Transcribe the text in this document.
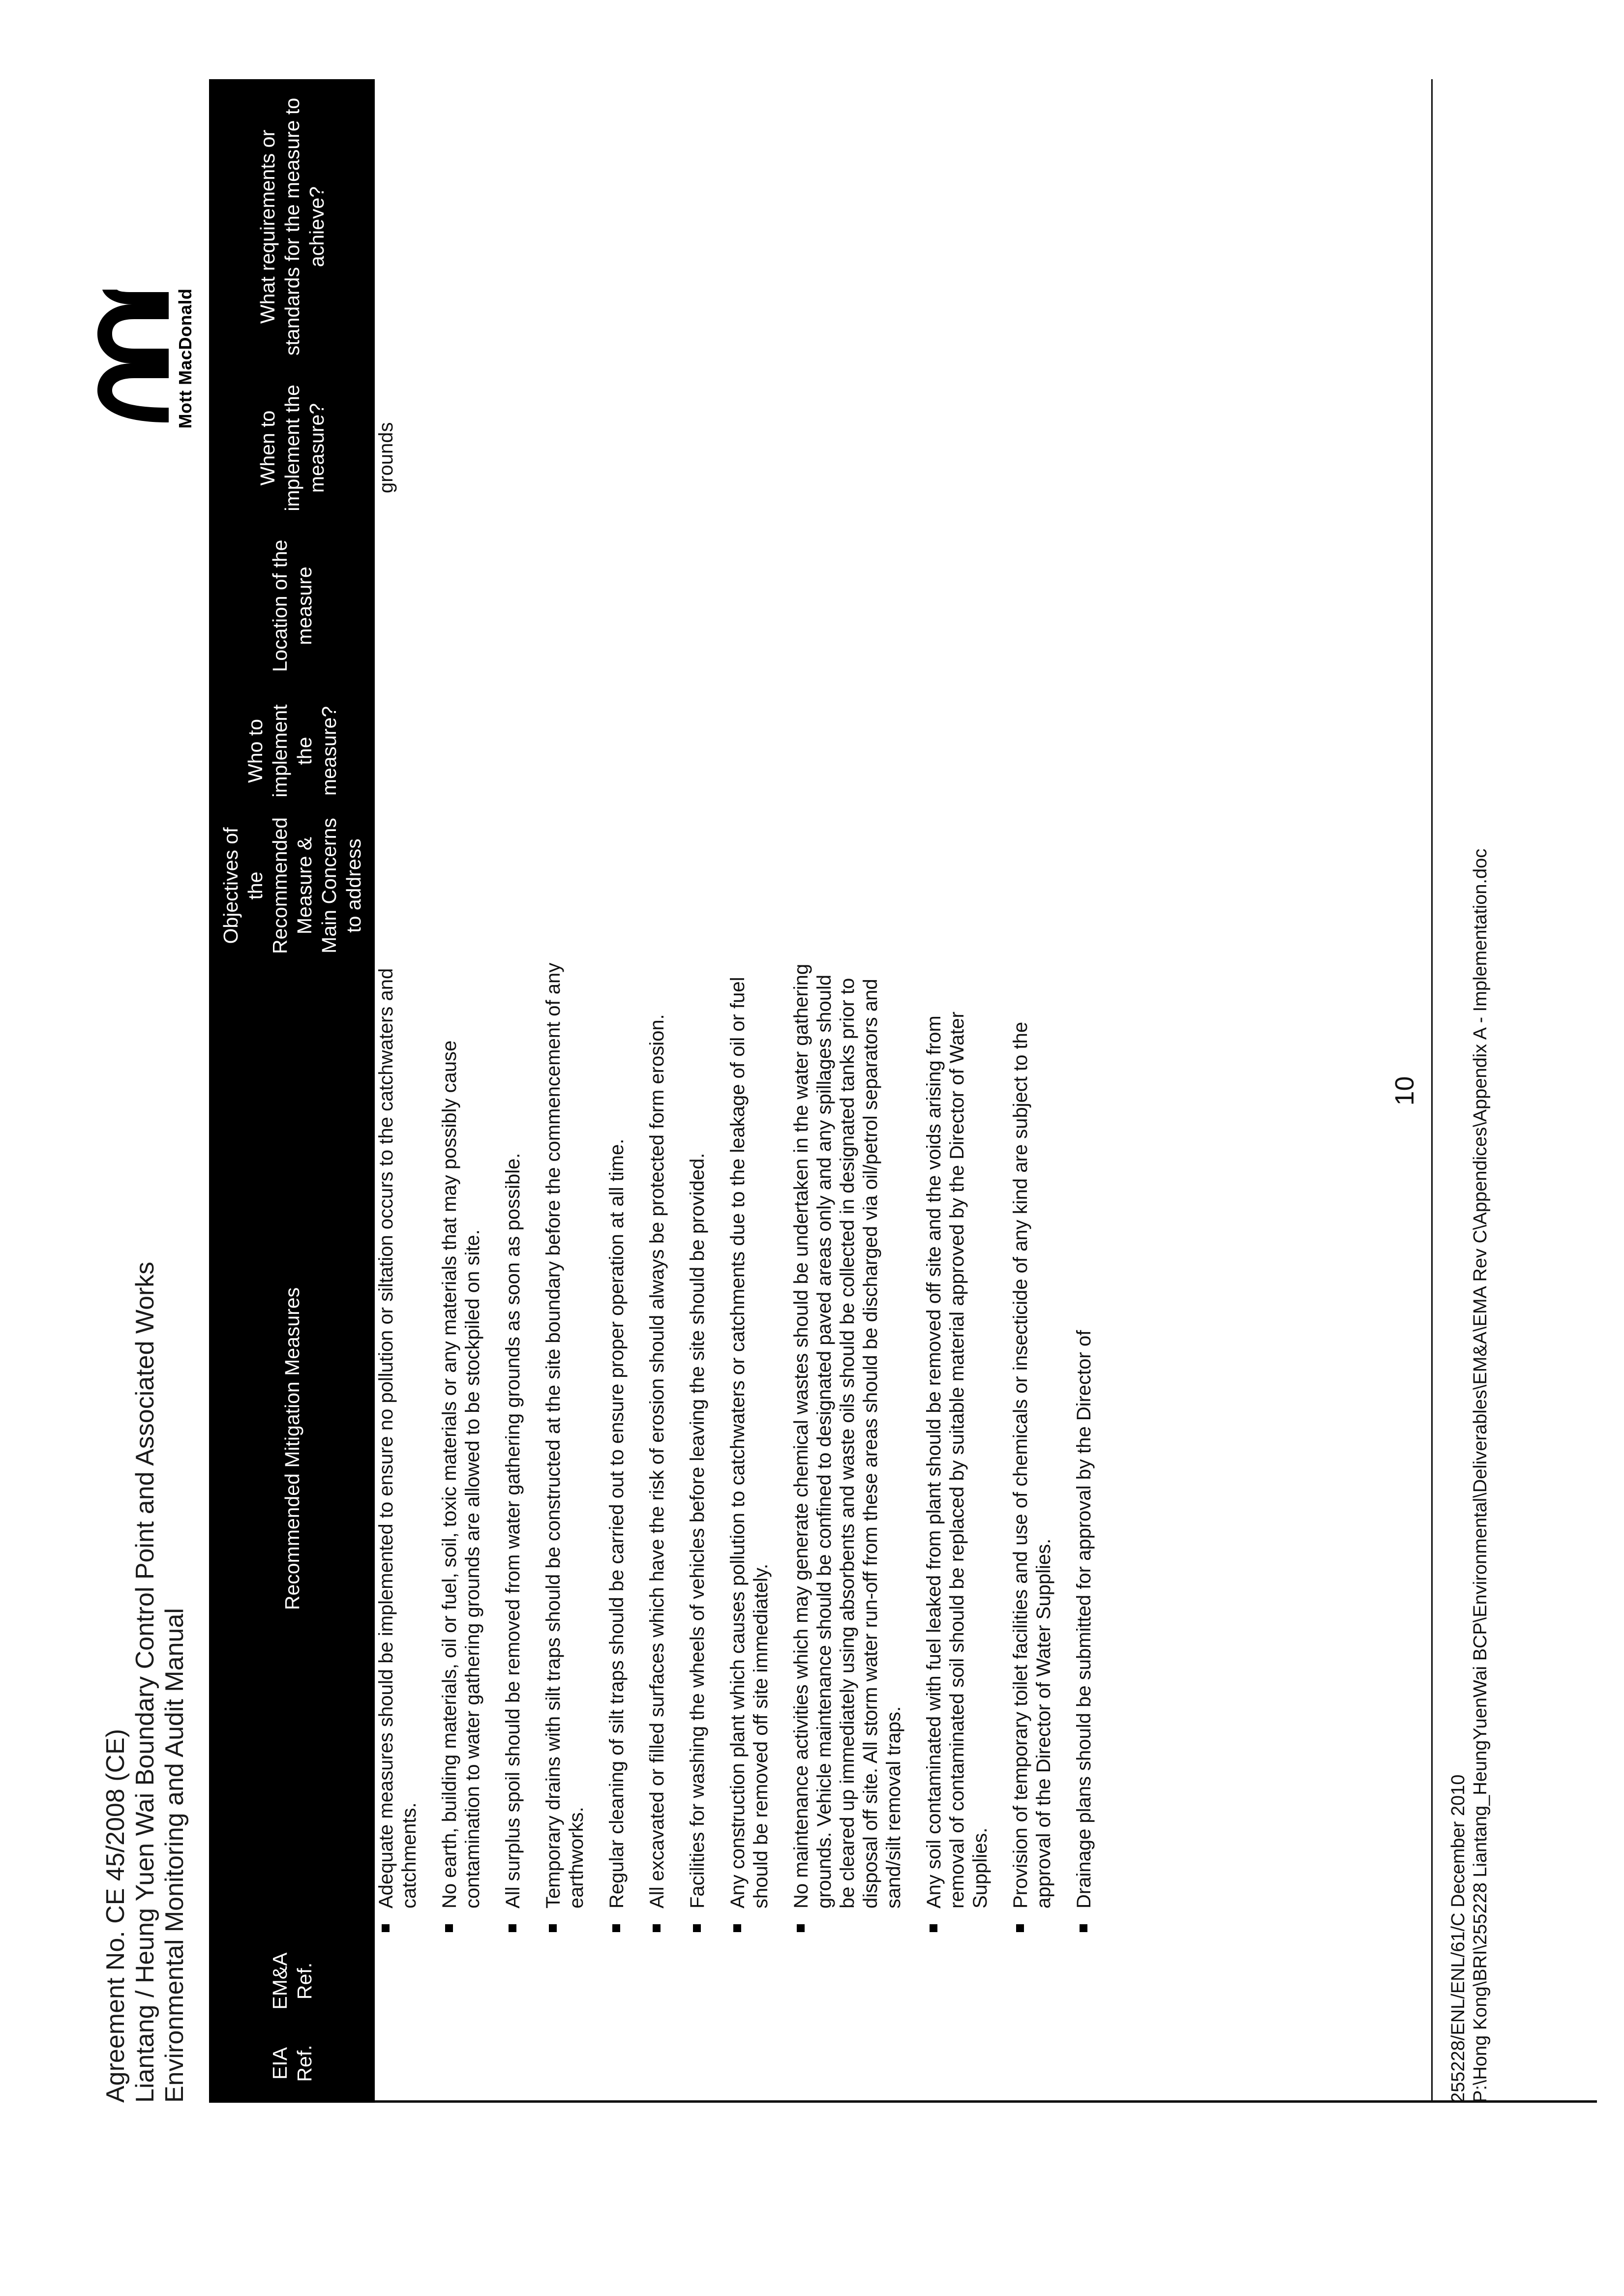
Agreement No. CE 45/2008 (CE) Liantang / Heung Yuen Wai Boundary Control Point and Associated Works Environmental Monitoring and Audit Manual
Mott MacDonald
EIA Ref.
EM&A Ref.
Recommended Mitigation Measures
Objectives of the Recommended Measure & Main Concerns to address
Who to implement the measure?
Location of the measure
When to implement the measure?
What requirements or standards for the measure to achieve?
Adequate measures should be implemented to ensure no pollution or siltation occurs to the catchwaters and catchments. No earth, building materials, oil or fuel, soil, toxic materials or any materials that may possibly cause contamination to water gathering grounds are allowed to be stockpiled on site. All surplus spoil should be removed from water gathering grounds as soon as possible. Temporary drains with silt traps should be constructed at the site boundary before the commencement of any earthworks. Regular cleaning of silt traps should be carried out to ensure proper operation at all time. All excavated or filled surfaces which have the risk of erosion should always be protected form erosion. Facilities for washing the wheels of vehicles before leaving the site should be provided. Any construction plant which causes pollution to catchwaters or catchments due to the leakage of oil or fuel should be removed off site immediately. No maintenance activities which may generate chemical wastes should be undertaken in the water gathering grounds. Vehicle maintenance should be confined to designated paved areas only and any spillages should be cleared up immediately using absorbents and waste oils should be collected in designated tanks prior to disposal off site. All storm water run-off from these areas should be discharged via oil/petrol separators and sand/silt removal traps. Any soil contaminated with fuel leaked from plant should be removed off site and the voids arising from removal of contaminated soil should be replaced by suitable material approved by the Director of Water Supplies. Provision of temporary toilet facilities and use of chemicals or insecticide of any kind are subject to the approval of the Director of Water Supplies. Drainage plans should be submitted for approval by the Director of
grounds
10
255228/ENL/ENL/61/C December 2010 P:\Hong Kong\BRI\255228 Liantang_HeungYuenWai BCP\Environmental\Deliverables\EM&A\EMA Rev C\Appendices\Appendix A - Implementation.doc
